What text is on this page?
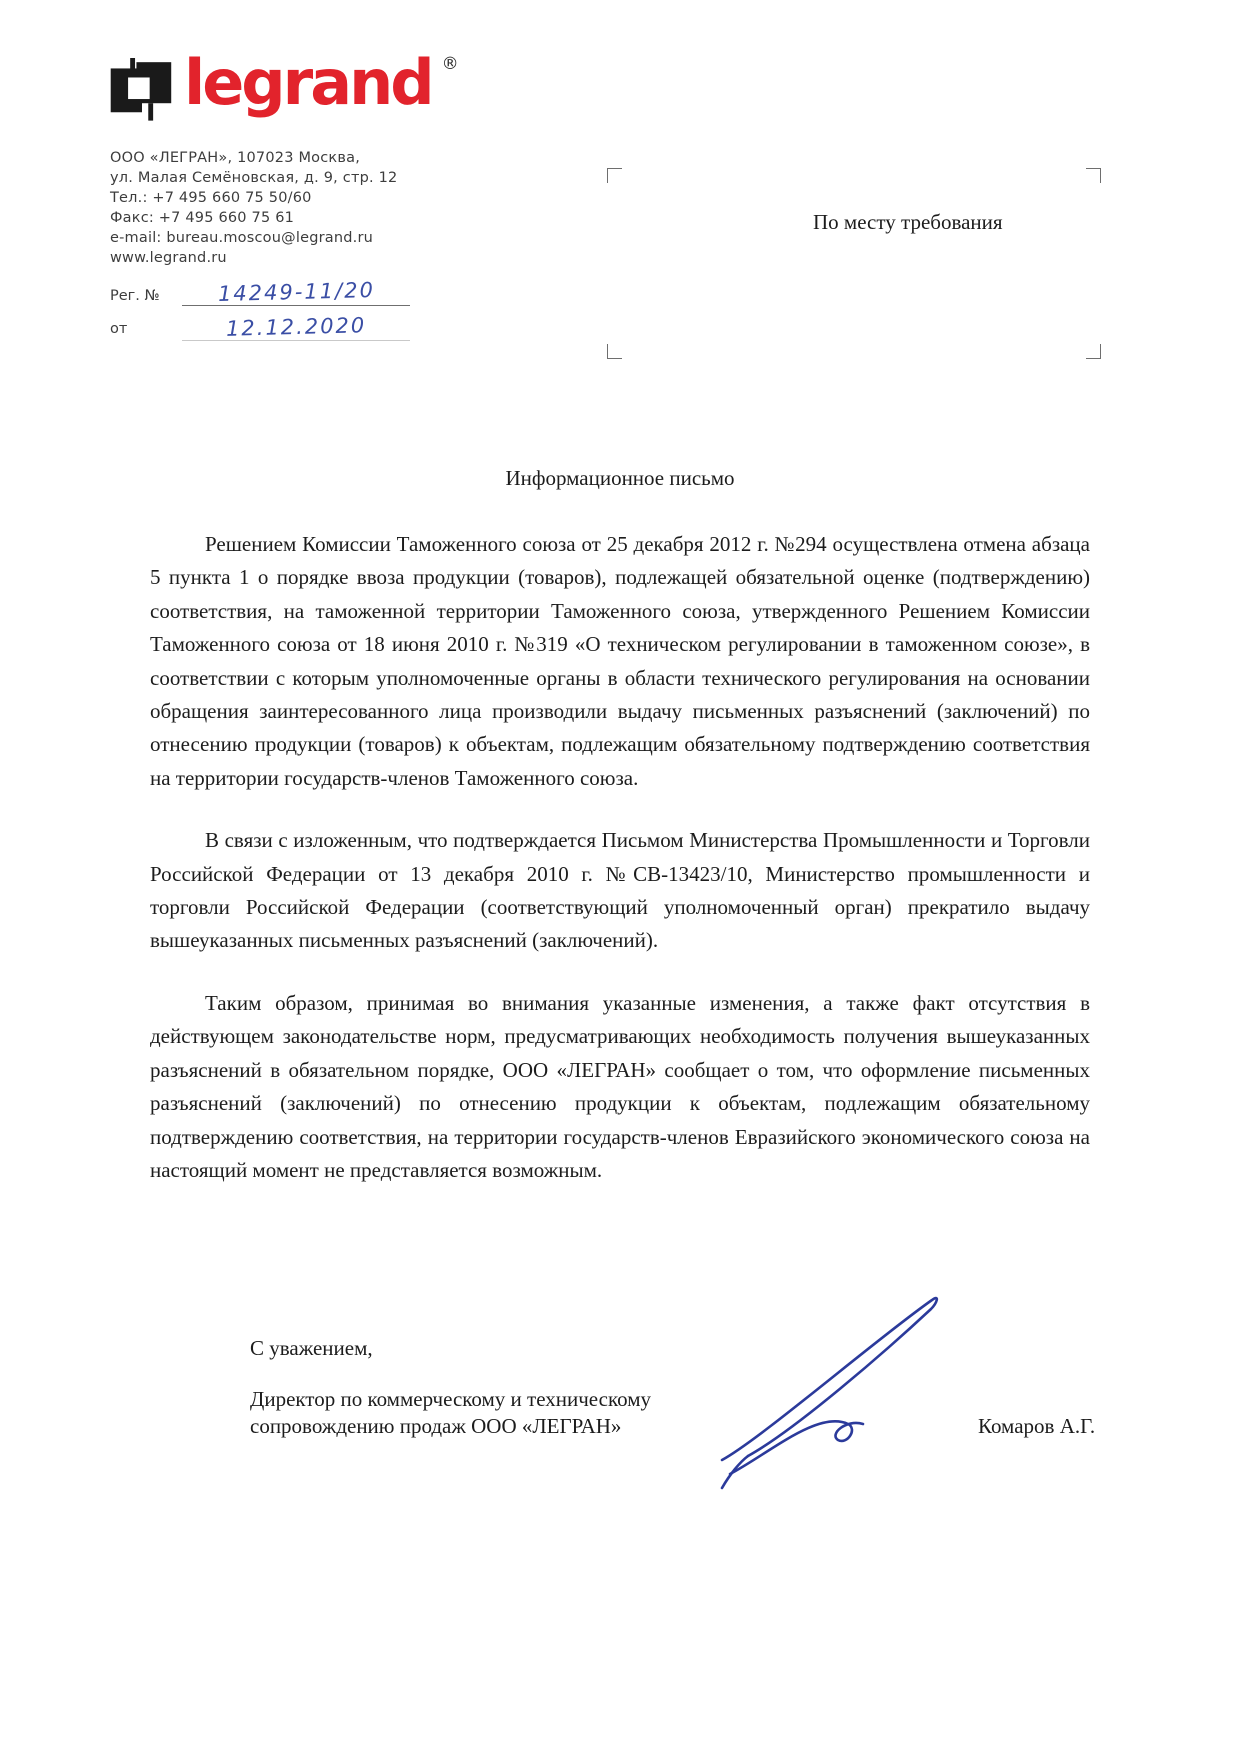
legrand ®
ООО «ЛЕГРАН», 107023 Москва,
ул. Малая Семёновская, д. 9, стр. 12
Тел.: +7 495 660 75 50/60
Факс: +7 495 660 75 61
e-mail: bureau.moscou@legrand.ru
www.legrand.ru
Рег. №	14249-11/20
от	12.12.2020
По месту требования
Информационное письмо

Решением Комиссии Таможенного союза от 25 декабря 2012 г. №294 осуществлена отмена абзаца 5 пункта 1 о порядке ввоза продукции (товаров), подлежащей обязательной оценке (подтверждению) соответствия, на таможенной территории Таможенного союза, утвержденного Решением Комиссии Таможенного союза от 18 июня 2010 г. №319 «О техническом регулировании в таможенном союзе», в соответствии с которым уполномоченные органы в области технического регулирования на основании обращения заинтересованного лица производили выдачу письменных разъяснений (заключений) по отнесению продукции (товаров) к объектам, подлежащим обязательному подтверждению соответствия на территории государств-членов Таможенного союза.

В связи с изложенным, что подтверждается Письмом Министерства Промышленности и Торговли Российской Федерации от 13 декабря 2010 г. №СВ-13423/10, Министерство промышленности и торговли Российской Федерации (соответствующий уполномоченный орган) прекратило выдачу вышеуказанных письменных разъяснений (заключений).

Таким образом, принимая во внимания указанные изменения, а также факт отсутствия в действующем законодательстве норм, предусматривающих необходимость получения вышеуказанных разъяснений в обязательном порядке, ООО «ЛЕГРАН» сообщает о том, что оформление письменных разъяснений (заключений) по отнесению продукции к объектам, подлежащим обязательному подтверждению соответствия, на территории государств-членов Евразийского экономического союза на настоящий момент не представляется возможным.

С уважением,
Директор по коммерческому и техническому
сопровождению продаж ООО «ЛЕГРАН»	Комаров А.Г.
